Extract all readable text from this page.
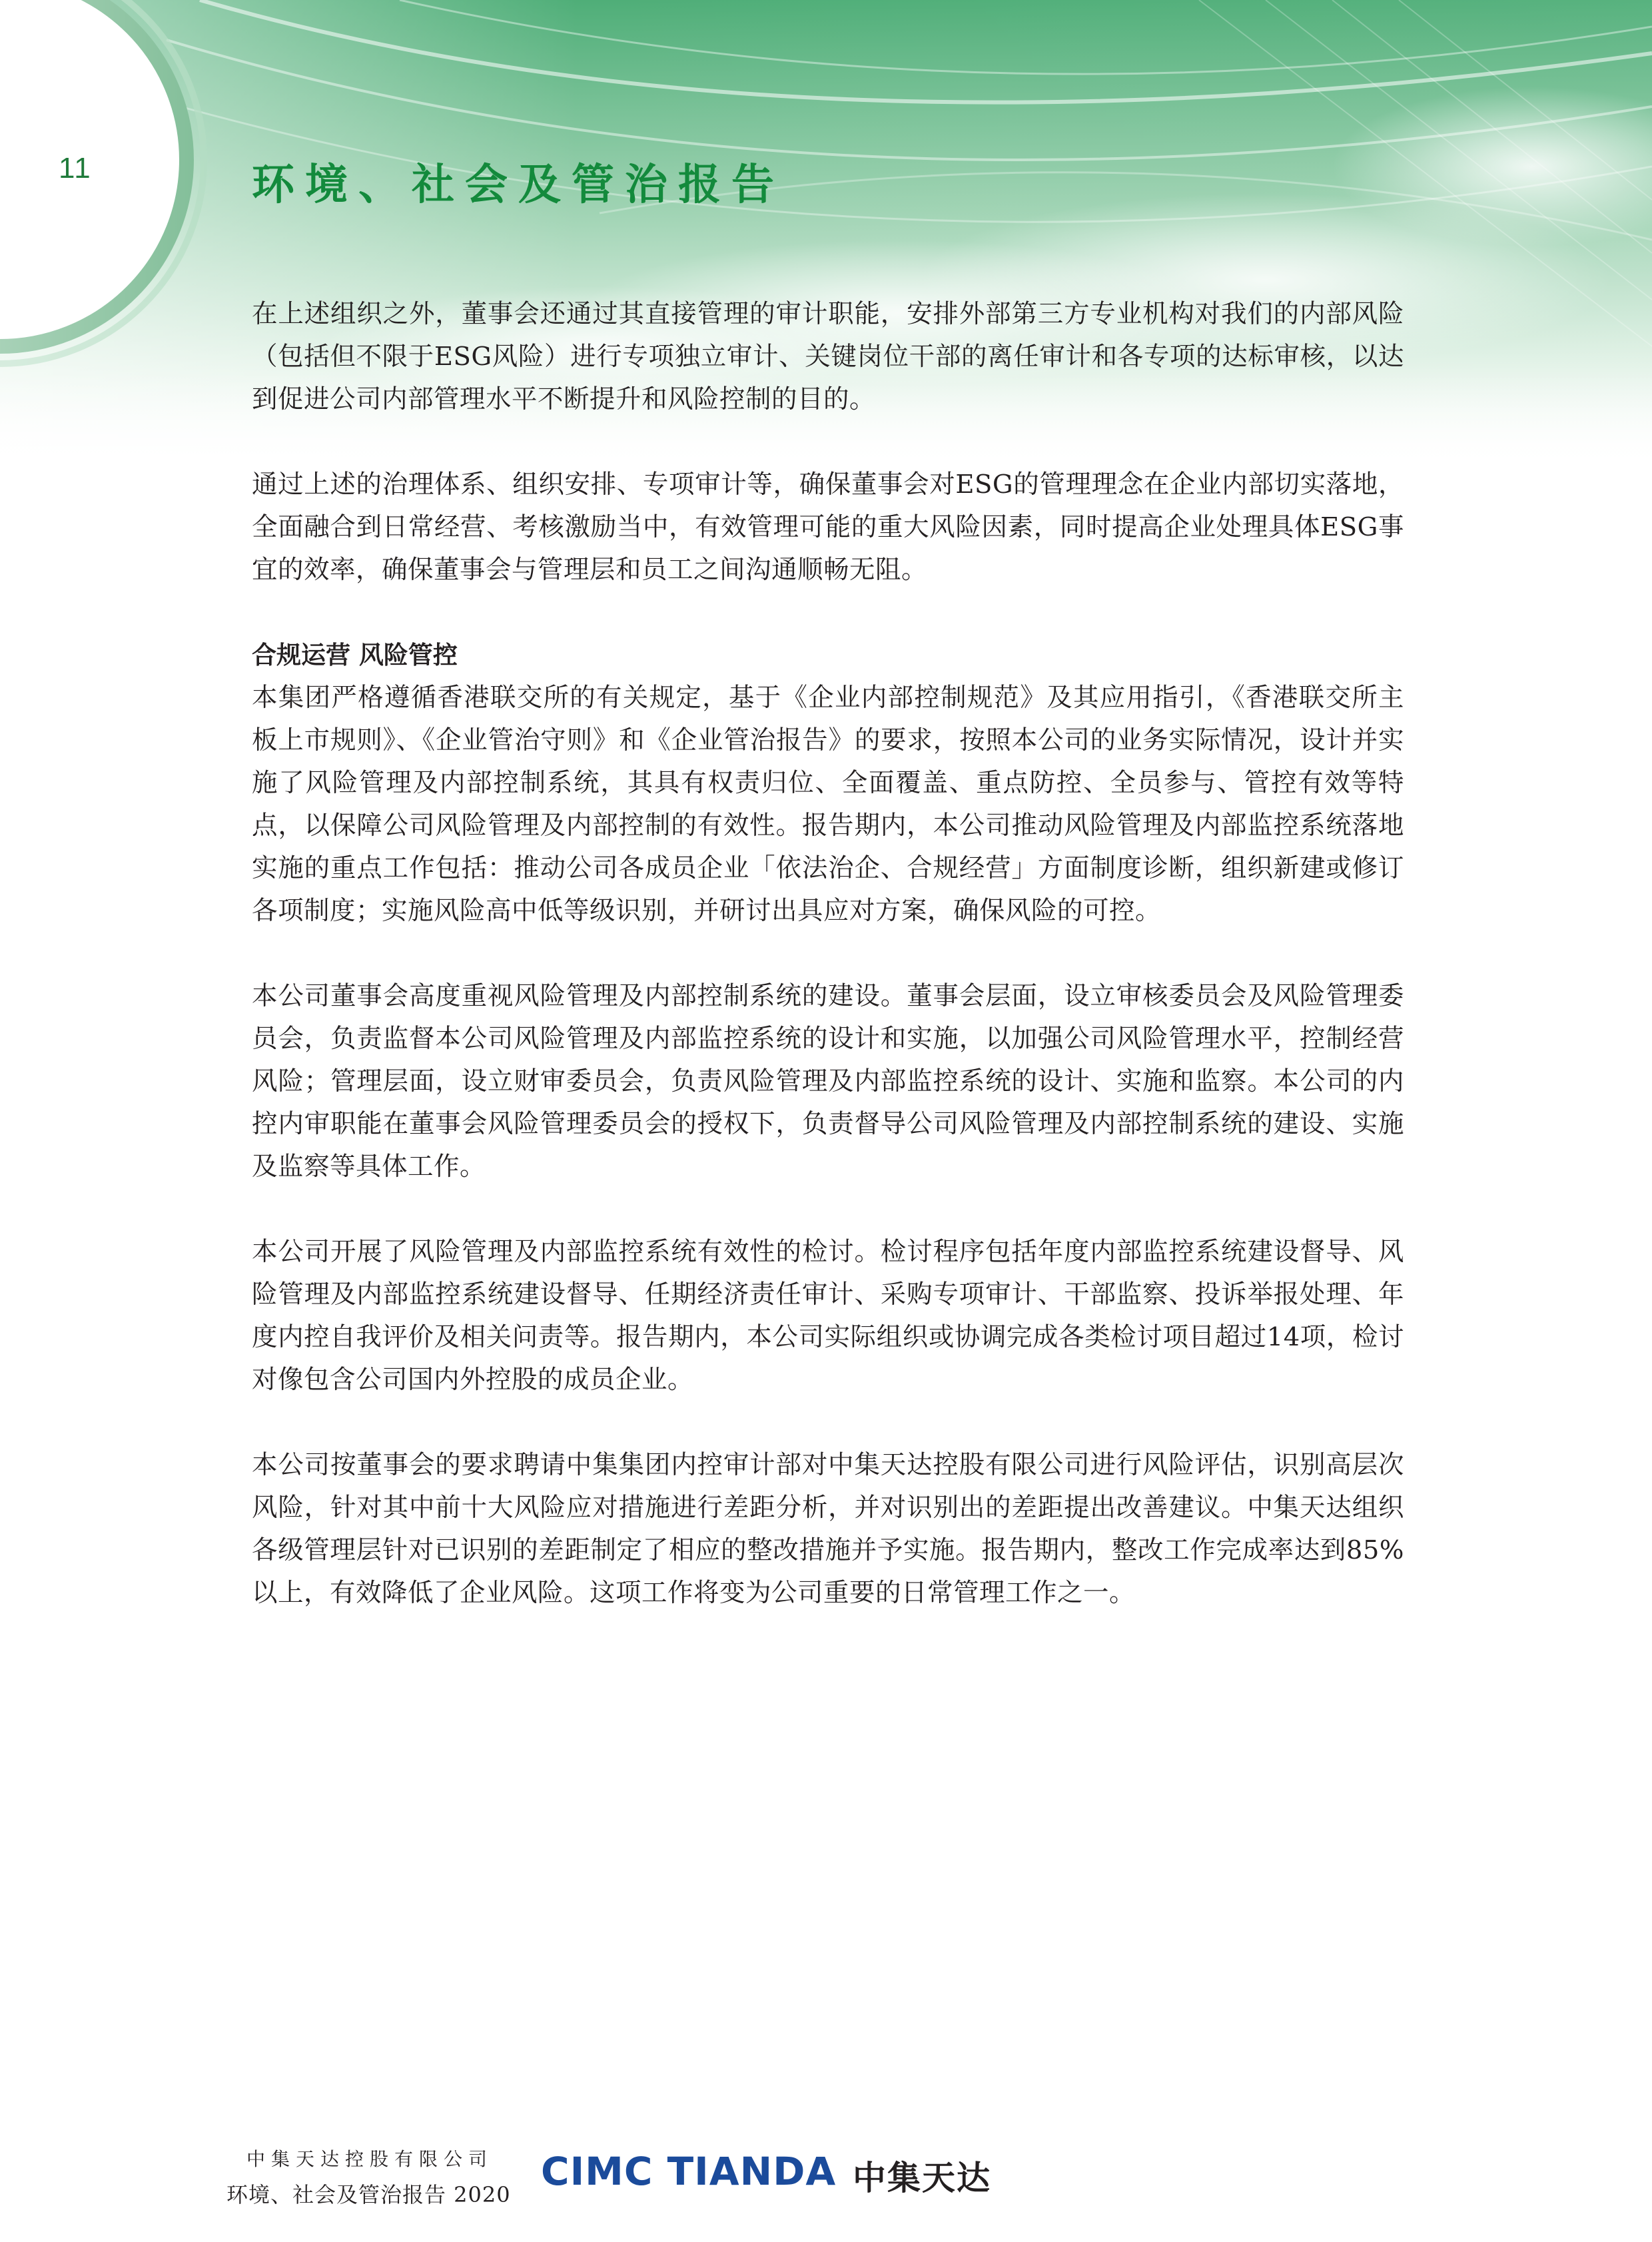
11	环境、社会及管治报告

在上述组织之外，董事会还通过其直接管理的审计职能，安排外部第三方专业机构对我们的内部风险（包括但不限于ESG风险）进行专项独立审计、关键岗位干部的离任审计和各专项的达标审核，以达到促进公司内部管理水平不断提升和风险控制的目的。

通过上述的治理体系、组织安排、专项审计等，确保董事会对ESG的管理理念在企业内部切实落地，全面融合到日常经营、考核激励当中，有效管理可能的重大风险因素，同时提高企业处理具体ESG事宜的效率，确保董事会与管理层和员工之间沟通顺畅无阻。

合规运营 风险管控

本集团严格遵循香港联交所的有关规定，基于《企业内部控制规范》及其应用指引，《香港联交所主板上市规则》、《企业管治守则》和《企业管治报告》的要求，按照本公司的业务实际情况，设计并实施了风险管理及内部控制系统，其具有权责归位、全面覆盖、重点防控、全员参与、管控有效等特点，以保障公司风险管理及内部控制的有效性。报告期内，本公司推动风险管理及内部监控系统落地实施的重点工作包括：推动公司各成员企业「依法治企、合规经营」方面制度诊断，组织新建或修订各项制度；实施风险高中低等级识别，并研讨出具应对方案，确保风险的可控。

本公司董事会高度重视风险管理及内部控制系统的建设。董事会层面，设立审核委员会及风险管理委员会，负责监督本公司风险管理及内部监控系统的设计和实施，以加强公司风险管理水平，控制经营风险；管理层面，设立财审委员会，负责风险管理及内部监控系统的设计、实施和监察。本公司的内控内审职能在董事会风险管理委员会的授权下，负责督导公司风险管理及内部控制系统的建设、实施及监察等具体工作。

本公司开展了风险管理及内部监控系统有效性的检讨。检讨程序包括年度内部监控系统建设督导、风险管理及内部监控系统建设督导、任期经济责任审计、采购专项审计、干部监察、投诉举报处理、年度内控自我评价及相关问责等。报告期内，本公司实际组织或协调完成各类检讨项目超过14项，检讨对像包含公司国内外控股的成员企业。

本公司按董事会的要求聘请中集集团内控审计部对中集天达控股有限公司进行风险评估，识别高层次风险，针对其中前十大风险应对措施进行差距分析，并对识别出的差距提出改善建议。中集天达组织各级管理层针对已识别的差距制定了相应的整改措施并予实施。报告期内，整改工作完成率达到85%以上，有效降低了企业风险。这项工作将变为公司重要的日常管理工作之一。

中集天达控股有限公司
环境、社会及管治报告 2020
CIMC TIANDA 中集天达
